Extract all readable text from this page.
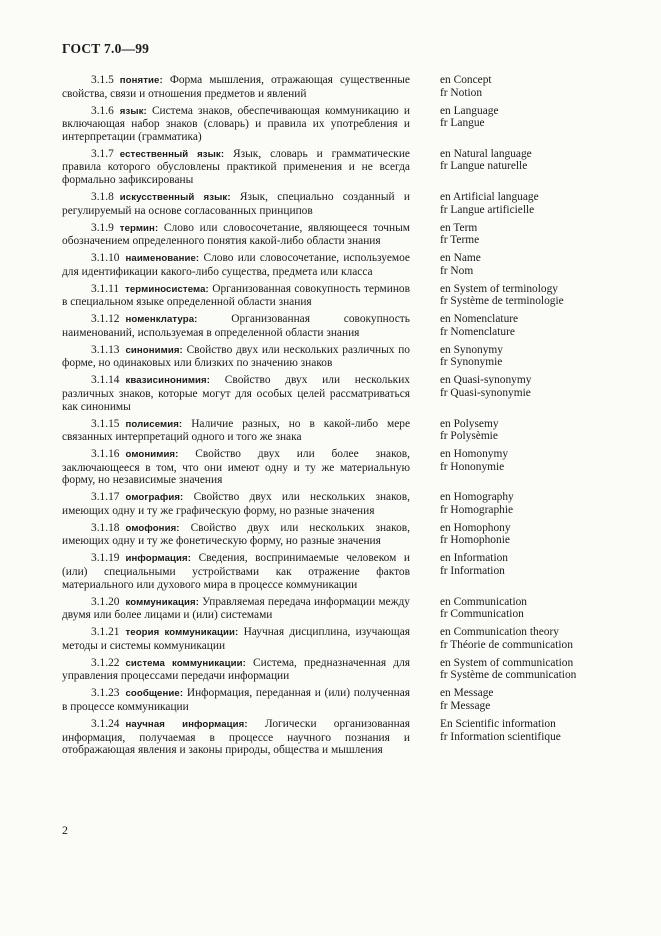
ГОСТ 7.0—99
3.1.5 понятие: Форма мышления, отражающая существенные свойства, связи и отношения предметов и явлений
en Concept
fr Notion
3.1.6 язык: Система знаков, обеспечивающая коммуникацию и включающая набор знаков (словарь) и правила их употребления и интерпретации (грамматика)
en Language
fr Langue
3.1.7 естественный язык: Язык, словарь и грамматические правила которого обусловлены практикой применения и не всегда формально зафиксированы
en Natural language
fr Langue naturelle
3.1.8 искусственный язык: Язык, специально созданный и регулируемый на основе согласованных принципов
en Artificial language
fr Langue artificielle
3.1.9 термин: Слово или словосочетание, являющееся точным обозначением определенного понятия какой-либо области знания
en Term
fr Terme
3.1.10 наименование: Слово или словосочетание, используемое для идентификации какого-либо существа, предмета или класса
en Name
fr Nom
3.1.11 терминосистема: Организованная совокупность терминов в специальном языке определенной области знания
en System of terminology
fr Système de terminologie
3.1.12 номенклатура:	Организованная совокупность наименований, используемая в определенной области знания
en Nomenclature
fr Nomenclature
3.1.13 синонимия: Свойство двух или нескольких различных по форме, но одинаковых или близких по значению знаков
en Synonymy
fr Synonymie
3.1.14 квазисинонимия: Свойство двух или нескольких различных знаков, которые могут для особых целей рассматриваться как синонимы
en Quasi-synonymy
fr Quasi-synonymie
3.1.15 полисемия: Наличие разных, но в какой-либо мере связанных интерпретаций одного и того же знака
en Polysemy
fr Polysèmie
3.1.16 омонимия: Свойство двух или более знаков, заключающееся в том, что они имеют одну и ту же материальную форму, но независимые значения
en Homonymy
fr Hononymie
3.1.17 омография: Свойство двух или нескольких знаков, имеющих одну и ту же графическую форму, но разные значения
en Homography
fr Homographie
3.1.18 омофония: Свойство двух или нескольких знаков, имеющих одну и ту же фонетическую форму, но разные значения
en Homophony
fr Homophonie
3.1.19 информация: Сведения, воспринимаемые человеком и (или) специальными устройствами как отражение фактов материального или духового мира в процессе коммуникации
en Information
fr Information
3.1.20 коммуникация: Управляемая передача информации между двумя или более лицами и (или) системами
en Communication
fr Communication
3.1.21 теория коммуникации: Научная дисциплина, изучающая методы и системы коммуникации
en Communication theory
fr Théorie de communication
3.1.22 система коммуникации: Система, предназначенная для управления процессами передачи информации
en System of communication
fr Système de communication
3.1.23 сообщение: Информация, переданная и (или) полученная в процессе коммуникации
en Message
fr Message
3.1.24 научная информация: Логически организованная информация, получаемая в процессе научного познания и отображающая явления и законы природы, общества и мышления
En Scientific information
fr Information scientifique
2
